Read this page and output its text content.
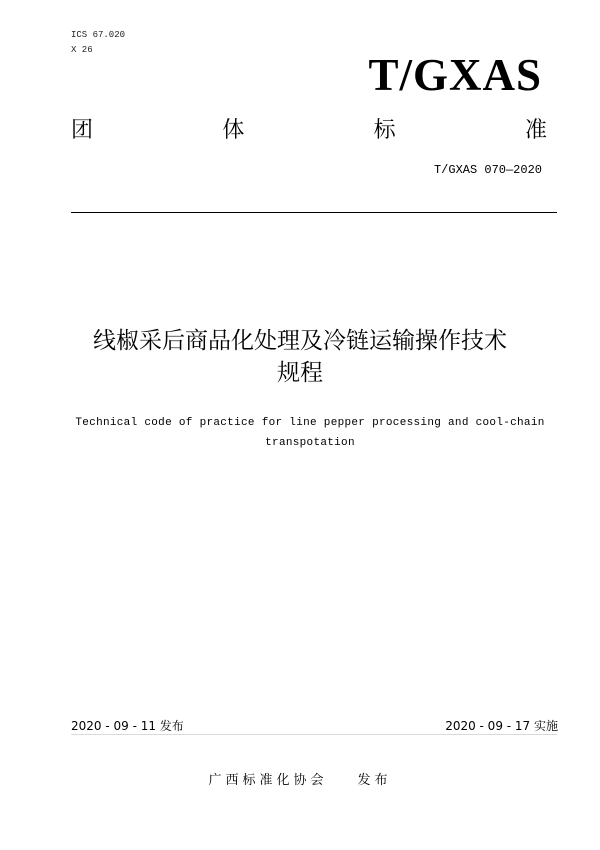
ICS 67.020
X 26	T/GXAS
团	体	标	准
T/GXAS 070—2020
线椒采后商品化处理及冷链运输操作技术
规程
Technical code of practice for line pepper processing and cool-chain
transpotation
2020 - 09 - 11 发布	2020 - 09 - 17 实施
广西标准化协会 发布
